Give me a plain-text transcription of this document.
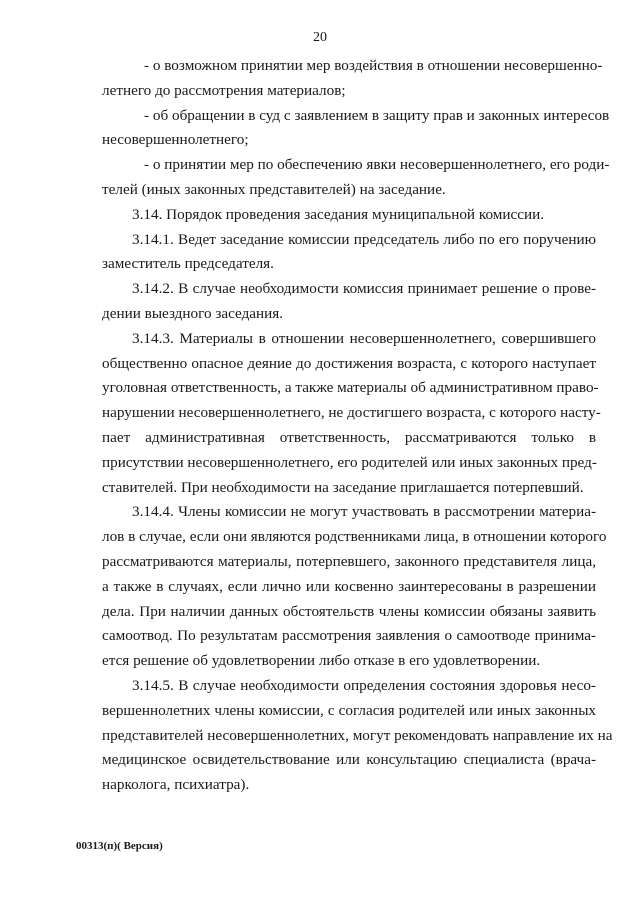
20
- о возможном принятии мер воздействия в отношении несовершенно-
летнего до рассмотрения материалов;
- об обращении в суд с заявлением в защиту прав и законных интересов
несовершеннолетнего;
- о принятии мер по обеспечению явки несовершеннолетнего, его роди-
телей (иных законных представителей) на заседание.
3.14. Порядок проведения заседания муниципальной комиссии.
3.14.1. Ведет заседание комиссии председатель либо по его поручению
заместитель председателя.
3.14.2. В случае необходимости комиссия принимает решение о прове-
дении выездного заседания.
3.14.3. Материалы в отношении несовершеннолетнего, совершившего
общественно опасное деяние до достижения возраста, с которого наступает
уголовная ответственность, а также материалы об административном право-
нарушении несовершеннолетнего, не достигшего возраста, с которого насту-
пает административная ответственность, рассматриваются только в
присутствии несовершеннолетнего, его родителей или иных законных пред-
ставителей. При необходимости на заседание приглашается потерпевший.
3.14.4. Члены комиссии не могут участвовать в рассмотрении материа-
лов в случае, если они являются родственниками лица, в отношении которого
рассматриваются материалы, потерпевшего, законного представителя лица,
а также в случаях, если лично или косвенно заинтересованы в разрешении
дела. При наличии данных обстоятельств члены комиссии обязаны заявить
самоотвод. По результатам рассмотрения заявления о самоотводе принима-
ется решение об удовлетворении либо отказе в его удовлетворении.
3.14.5. В случае необходимости определения состояния здоровья несо-
вершеннолетних члены комиссии, с согласия родителей или иных законных
представителей несовершеннолетних, могут рекомендовать направление их на
медицинское освидетельствование или консультацию специалиста (врача-
нарколога, психиатра).
00313(п)( Версия)
